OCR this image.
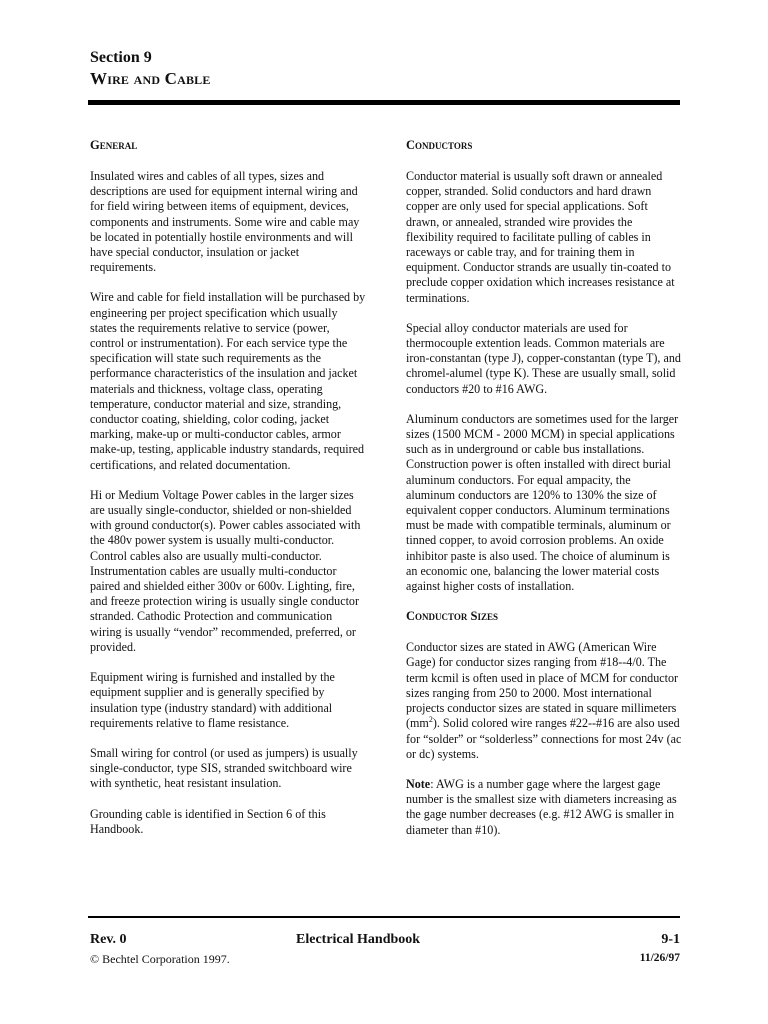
Section 9
Wire and Cable
General

Insulated wires and cables of all types, sizes and descriptions are used for equipment internal wiring and for field wiring between items of equipment, devices, components and instruments. Some wire and cable may be located in potentially hostile environments and will have special conductor, insulation or jacket requirements.

Wire and cable for field installation will be purchased by engineering per project specification which usually states the requirements relative to service (power, control or instrumentation). For each service type the specification will state such requirements as the performance characteristics of the insulation and jacket materials and thickness, voltage class, operating temperature, conductor material and size, stranding, conductor coating, shielding, color coding, jacket marking, make-up or multi-conductor cables, armor make-up, testing, applicable industry standards, required certifications, and related documentation.

Hi or Medium Voltage Power cables in the larger sizes are usually single-conductor, shielded or non-shielded with ground conductor(s). Power cables associated with the 480v power system is usually multi-conductor. Control cables also are usually multi-conductor. Instrumentation cables are usually multi-conductor paired and shielded either 300v or 600v. Lighting, fire, and freeze protection wiring is usually single conductor stranded. Cathodic Protection and communication wiring is usually “vendor” recommended, preferred, or provided.

Equipment wiring is furnished and installed by the equipment supplier and is generally specified by insulation type (industry standard) with additional requirements relative to flame resistance.

Small wiring for control (or used as jumpers) is usually single-conductor, type SIS, stranded switchboard wire with synthetic, heat resistant insulation.

Grounding cable is identified in Section 6 of this Handbook.

Conductors

Conductor material is usually soft drawn or annealed copper, stranded. Solid conductors and hard drawn copper are only used for special applications. Soft drawn, or annealed, stranded wire provides the flexibility required to facilitate pulling of cables in raceways or cable tray, and for training them in equipment. Conductor strands are usually tin-coated to preclude copper oxidation which increases resistance at terminations.

Special alloy conductor materials are used for thermocouple extention leads. Common materials are iron-constantan (type J), copper-constantan (type T), and chromel-alumel (type K). These are usually small, solid conductors #20 to #16 AWG.

Aluminum conductors are sometimes used for the larger sizes (1500 MCM - 2000 MCM) in special applications such as in underground or cable bus installations. Construction power is often installed with direct burial aluminum conductors. For equal ampacity, the aluminum conductors are 120% to 130% the size of equivalent copper conductors. Aluminum terminations must be made with compatible terminals, aluminum or tinned copper, to avoid corrosion problems. An oxide inhibitor paste is also used. The choice of aluminum is an economic one, balancing the lower material costs against higher costs of installation.

Conductor Sizes

Conductor sizes are stated in AWG (American Wire Gage) for conductor sizes ranging from #18--4/0. The term kcmil is often used in place of MCM for conductor sizes ranging from 250 to 2000. Most international projects conductor sizes are stated in square millimeters $(mm^2)$. Solid colored wire ranges #22--#16 are also used for “solder” or “solderless” connections for most 24v (ac or dc) systems.

Note: AWG is a number gage where the largest gage number is the smallest size with diameters increasing as the gage number decreases (e.g. #12 AWG is smaller in diameter than #10).

Rev. 0	Electrical Handbook	9-1
© Bechtel Corporation 1997.	11/26/97
